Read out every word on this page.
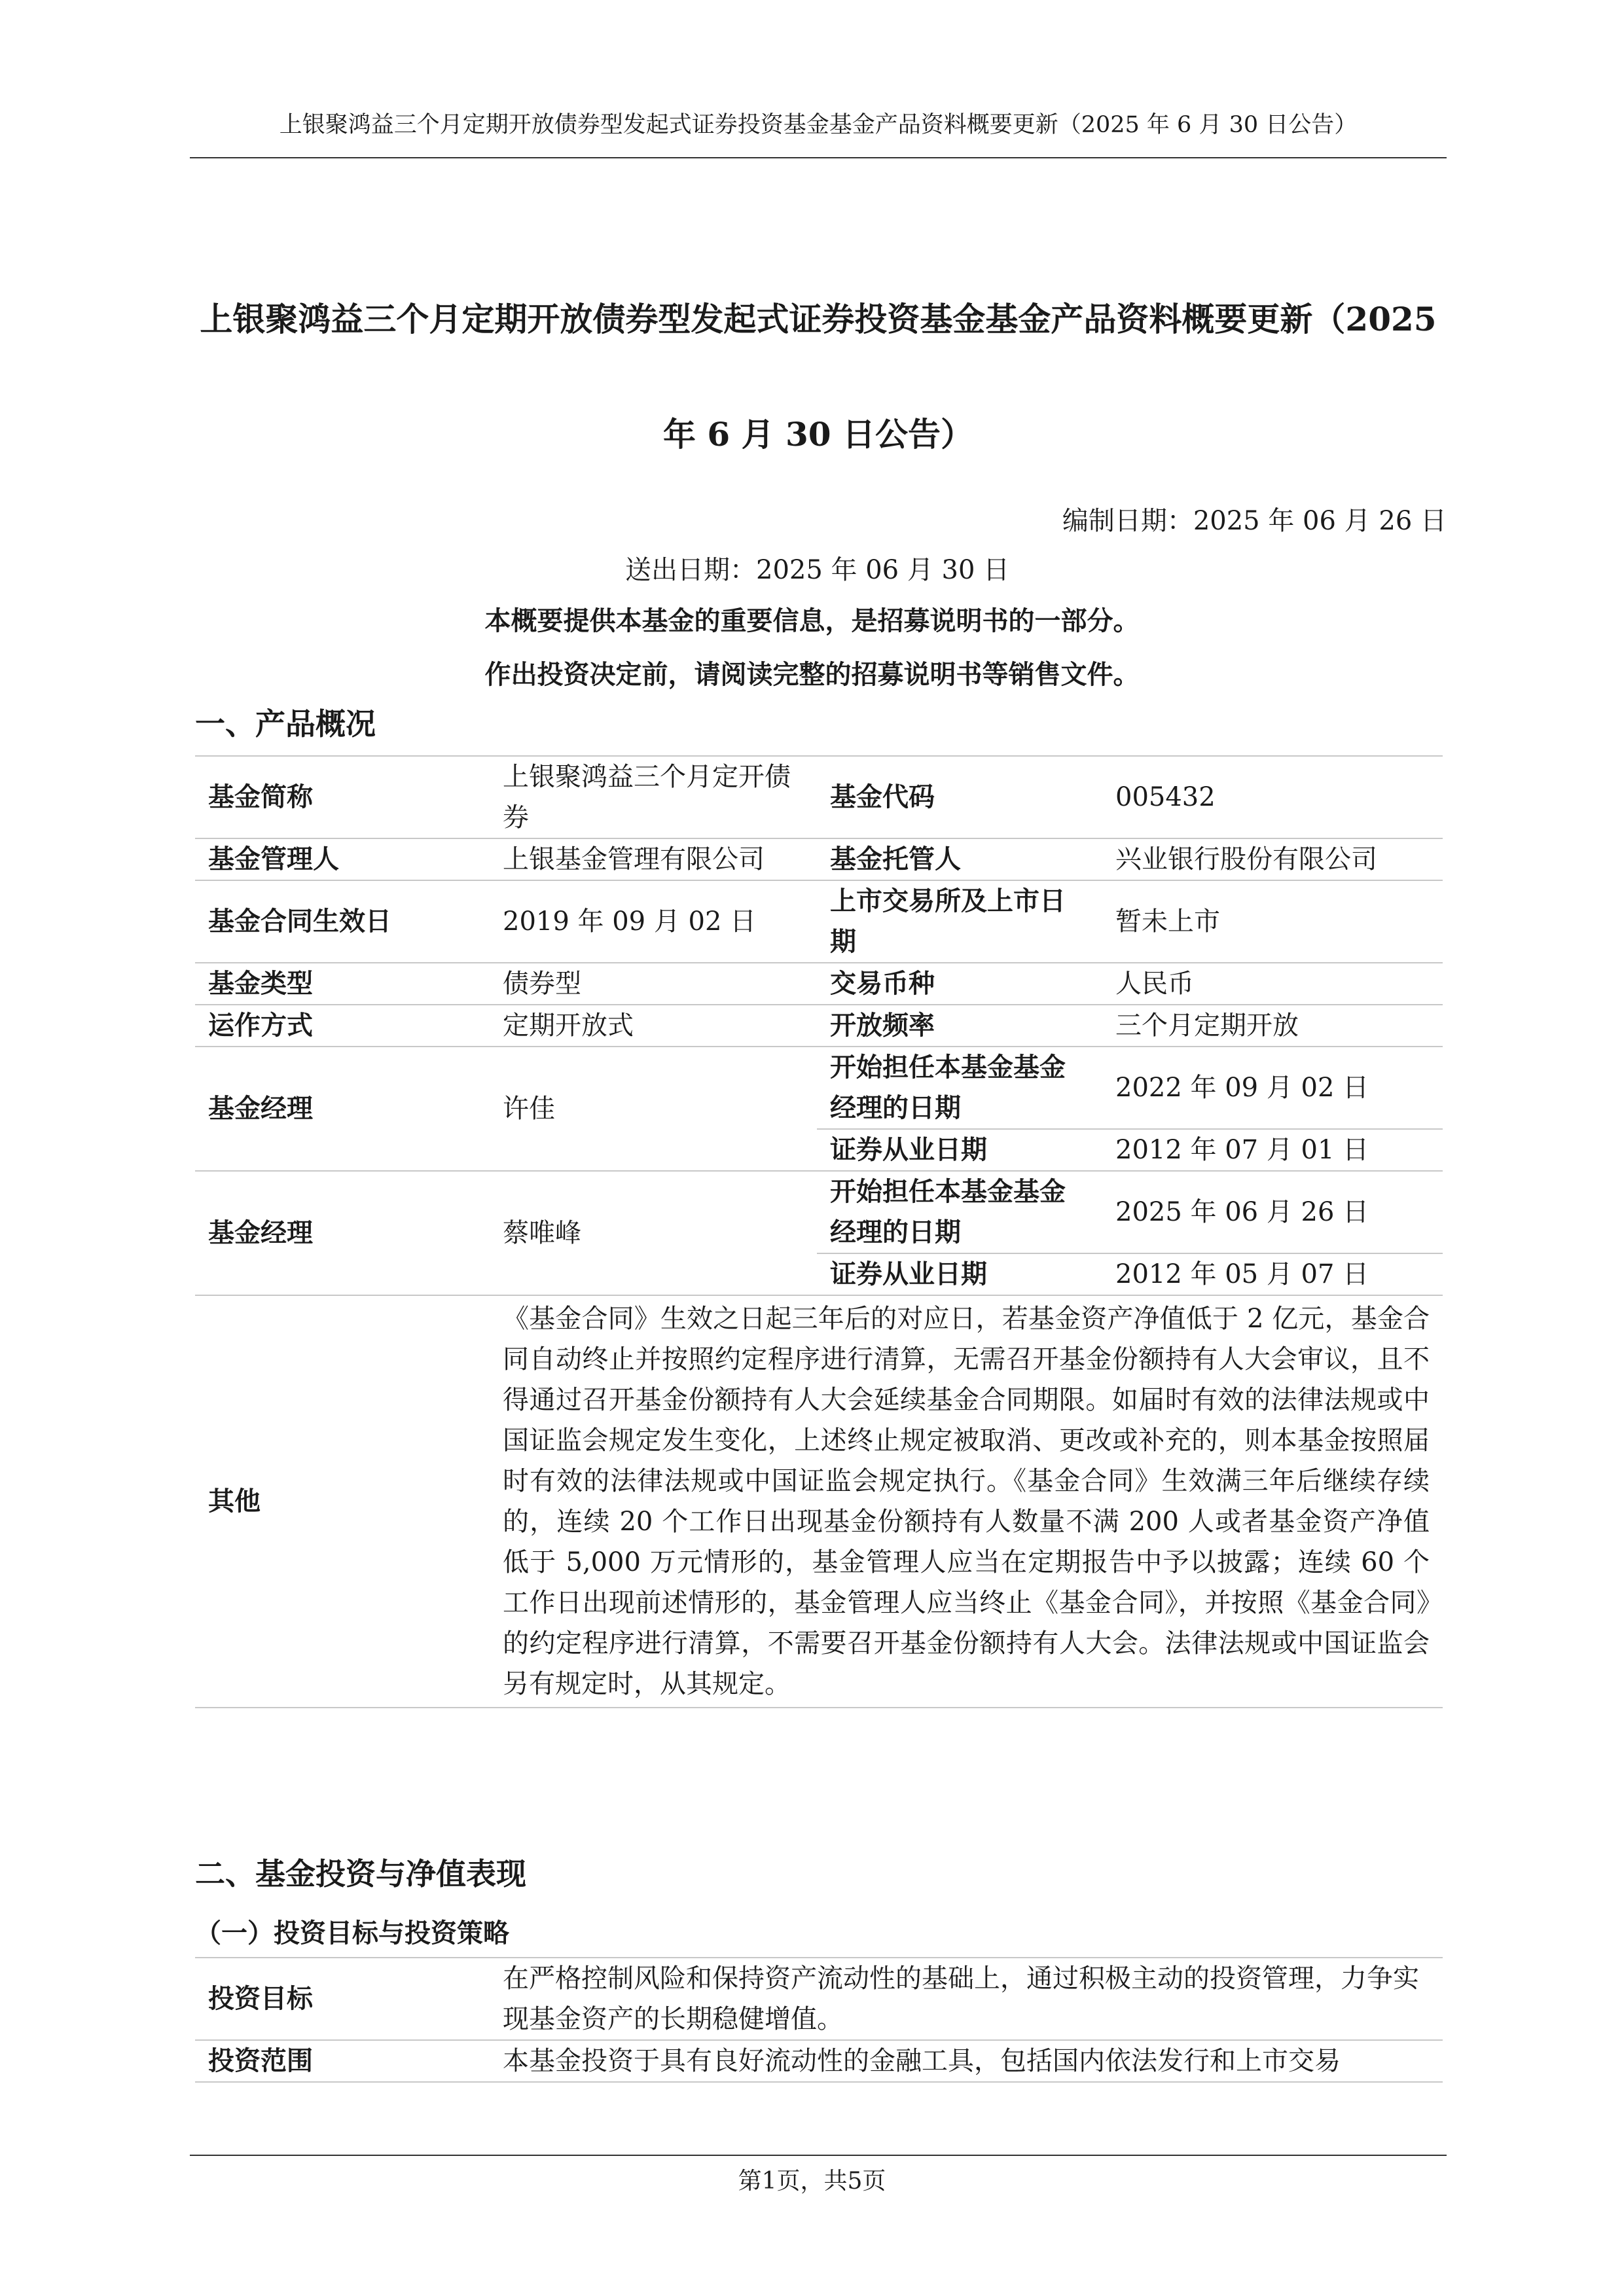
上银聚鸿益三个月定期开放债券型发起式证券投资基金基金产品资料概要更新（2025 年 6 月 30 日公告）
上银聚鸿益三个月定期开放债券型发起式证券投资基金基金产品资料概要更新（2025
年 6 月 30 日公告）
编制日期：2025 年 06 月 26 日
送出日期：2025 年 06 月 30 日
本概要提供本基金的重要信息，是招募说明书的一部分。
作出投资决定前，请阅读完整的招募说明书等销售文件。
一、产品概况
基金简称	上银聚鸿益三个月定开债券	基金代码	005432
基金管理人	上银基金管理有限公司	基金托管人	兴业银行股份有限公司
基金合同生效日	2019 年 09 月 02 日	上市交易所及上市日期	暂未上市
基金类型	债券型	交易币种	人民币
运作方式	定期开放式	开放频率	三个月定期开放
基金经理	许佳	开始担任本基金基金经理的日期	2022 年 09 月 02 日
		证券从业日期	2012 年 07 月 01 日
基金经理	蔡唯峰	开始担任本基金基金经理的日期	2025 年 06 月 26 日
		证券从业日期	2012 年 05 月 07 日
其他	《基金合同》生效之日起三年后的对应日，若基金资产净值低于 2 亿元，基金合同自动终止并按照约定程序进行清算，无需召开基金份额持有人大会审议，且不得通过召开基金份额持有人大会延续基金合同期限。如届时有效的法律法规或中国证监会规定发生变化，上述终止规定被取消、更改或补充的，则本基金按照届时有效的法律法规或中国证监会规定执行。《基金合同》生效满三年后继续存续的，连续 20 个工作日出现基金份额持有人数量不满 200 人或者基金资产净值低于 5,000 万元情形的，基金管理人应当在定期报告中予以披露；连续 60 个工作日出现前述情形的，基金管理人应当终止《基金合同》，并按照《基金合同》的约定程序进行清算，不需要召开基金份额持有人大会。法律法规或中国证监会另有规定时，从其规定。		
二、基金投资与净值表现
（一）投资目标与投资策略
投资目标	在严格控制风险和保持资产流动性的基础上，通过积极主动的投资管理，力争实现基金资产的长期稳健增值。
投资范围	本基金投资于具有良好流动性的金融工具，包括国内依法发行和上市交易
第1页，共5页
